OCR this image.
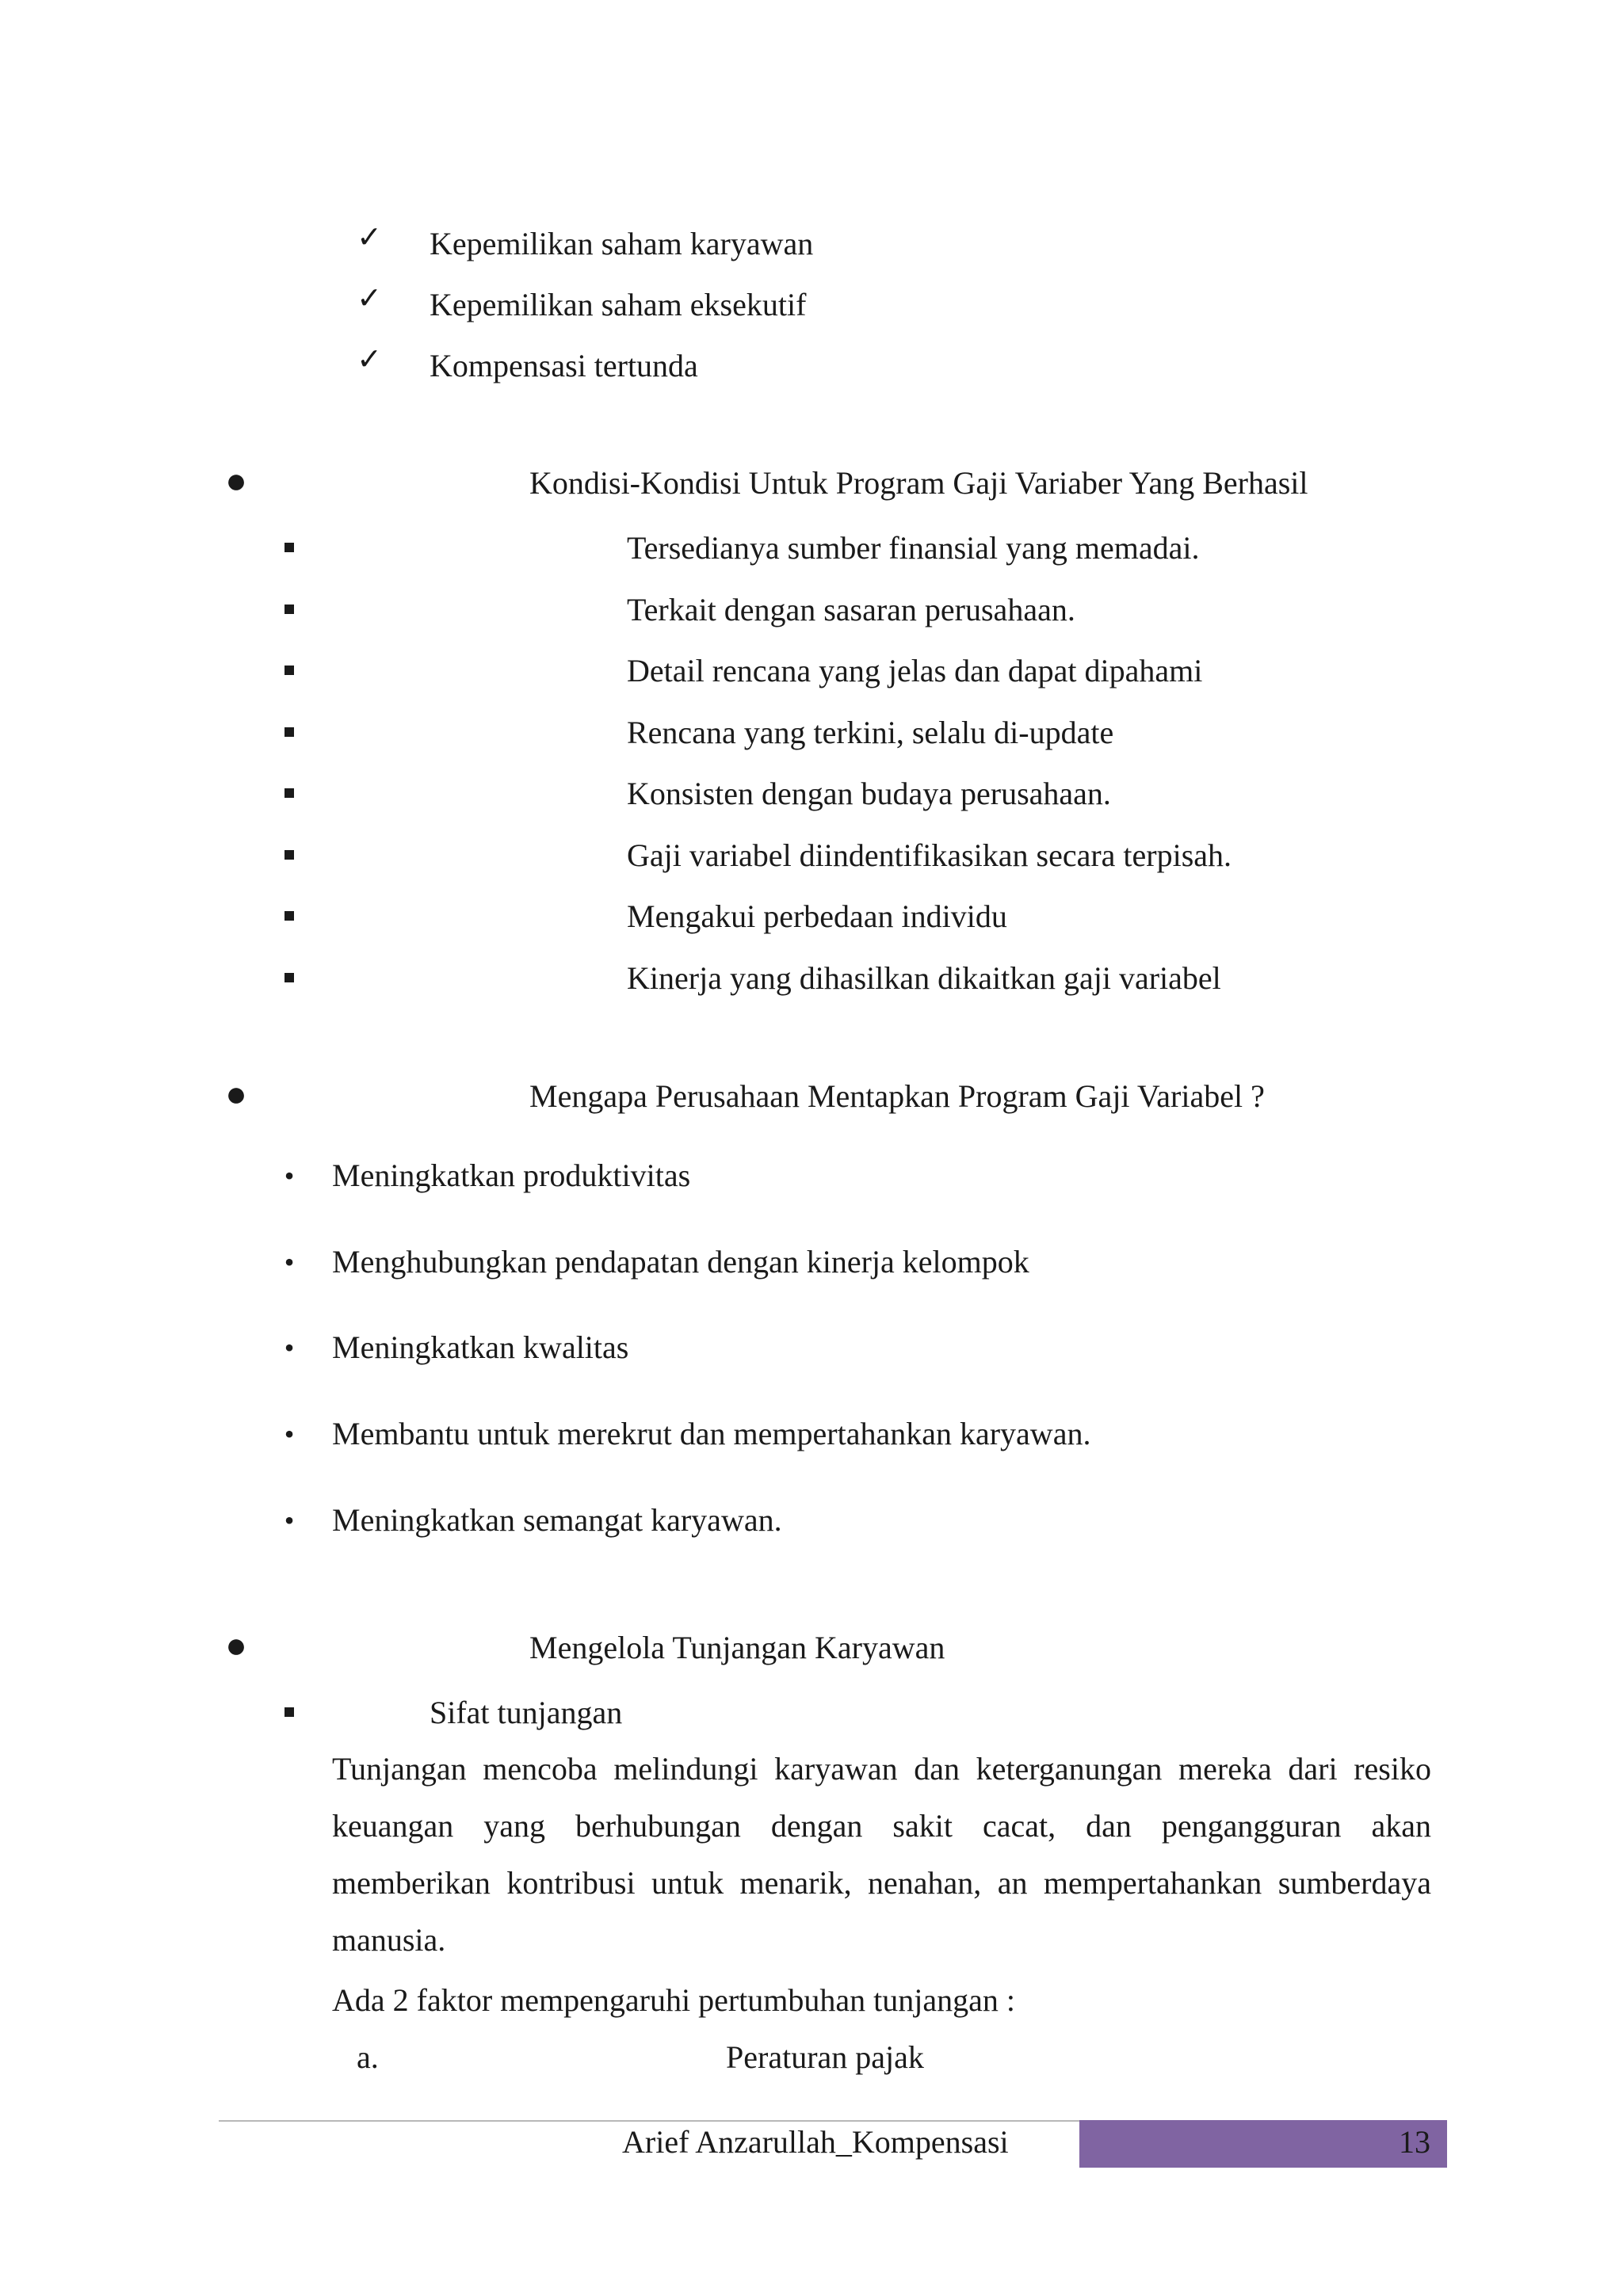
✓	Kepemilikan saham karyawan
✓	Kepemilikan saham eksekutif
✓	Kompensasi tertunda
●	Kondisi-Kondisi Untuk Program Gaji Variaber Yang Berhasil
Tersedianya sumber finansial yang memadai.
Terkait dengan sasaran perusahaan.
Detail rencana yang jelas dan dapat dipahami
Rencana yang terkini, selalu di-update
Konsisten dengan budaya perusahaan.
Gaji variabel diindentifikasikan secara terpisah.
Mengakui perbedaan individu
Kinerja yang dihasilkan dikaitkan gaji variabel
●	Mengapa Perusahaan Mentapkan Program Gaji Variabel ?
•	Meningkatkan produktivitas
•	Menghubungkan pendapatan dengan kinerja kelompok
•	Meningkatkan kwalitas
•	Membantu untuk merekrut dan mempertahankan karyawan.
•	Meningkatkan semangat karyawan.
●	Mengelola Tunjangan Karyawan
Sifat tunjangan
Tunjangan mencoba melindungi karyawan dan keterganungan mereka dari resiko
keuangan yang berhubungan dengan sakit cacat, dan pengangguran akan
memberikan kontribusi untuk menarik, nenahan, an mempertahankan sumberdaya
manusia.
Ada 2 faktor mempengaruhi pertumbuhan tunjangan :
a.	Peraturan pajak
Arief Anzarullah_Kompensasi	13
